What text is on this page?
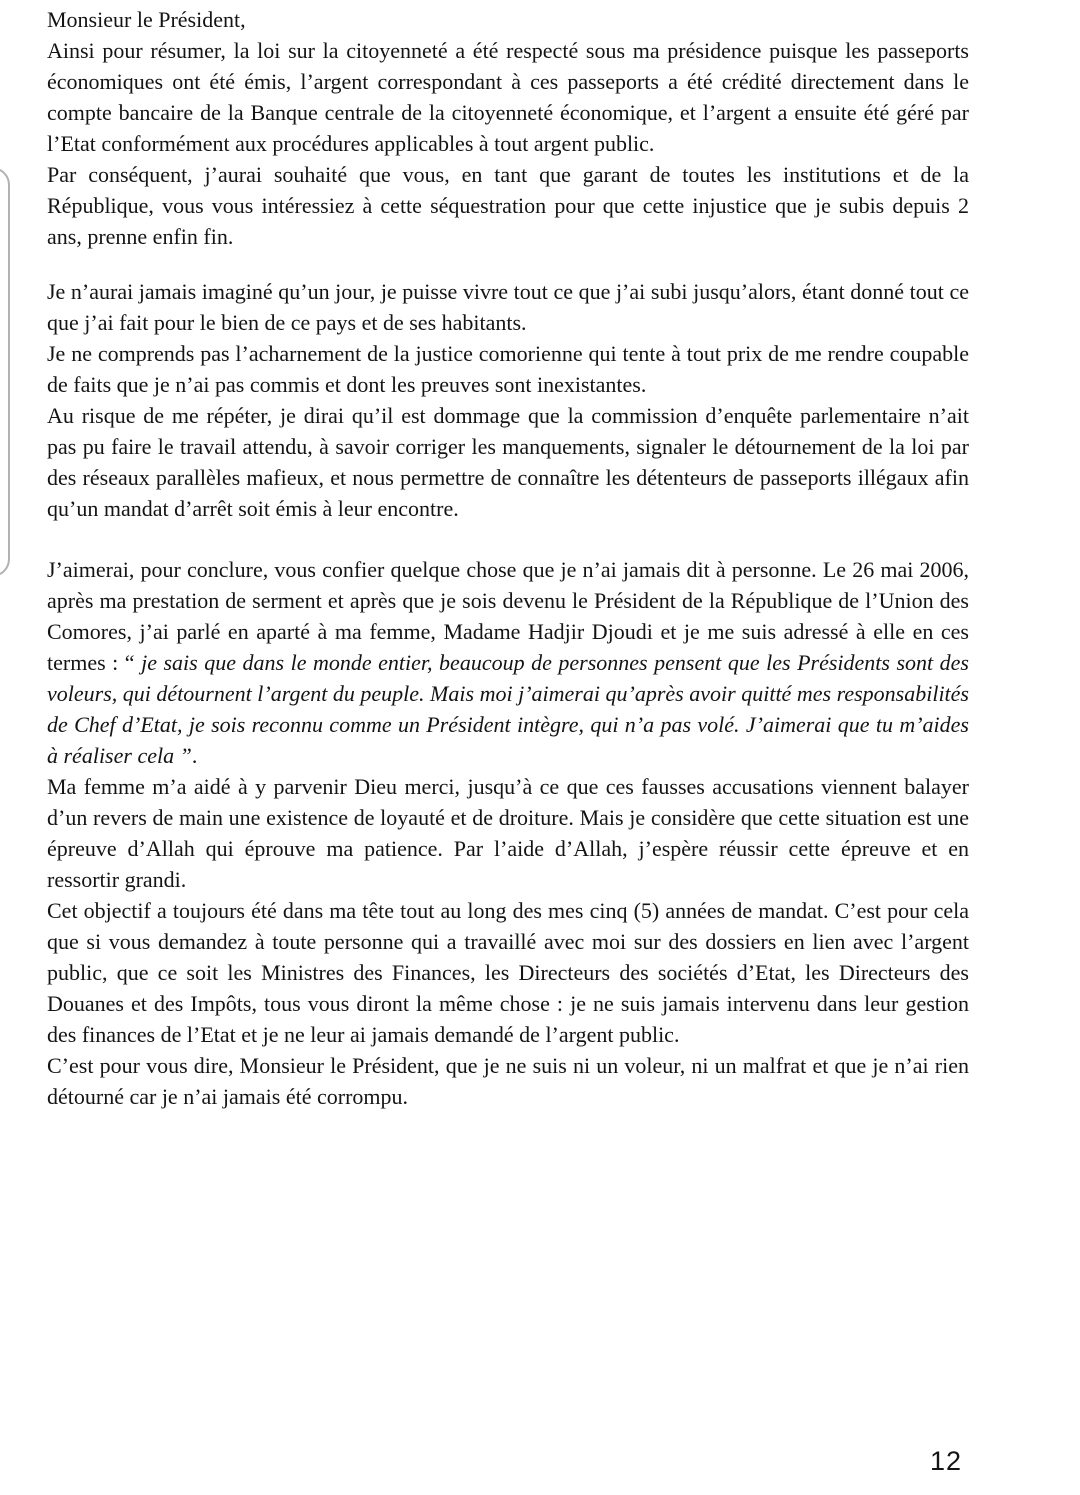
Monsieur le Président,

Ainsi pour résumer, la loi sur la citoyenneté a été respecté sous ma présidence puisque les passeports économiques ont été émis, l’argent correspondant à ces passeports a été crédité directement dans le compte bancaire de la Banque centrale de la citoyenneté économique, et l’argent a ensuite été géré par l’Etat conformément aux procédures applicables à tout argent public.

Par conséquent, j’aurai souhaité que vous, en tant que garant de toutes les institutions et de la République, vous vous intéressiez à cette séquestration pour que cette injustice que je subis depuis 2 ans, prenne enfin fin.

Je n’aurai jamais imaginé qu’un jour, je puisse vivre tout ce que j’ai subi jusqu’alors, étant donné tout ce que j’ai fait pour le bien de ce pays et de ses habitants.

Je ne comprends pas l’acharnement de la justice comorienne qui tente à tout prix de me rendre coupable de faits que je n’ai pas commis et dont les preuves sont inexistantes.

Au risque de me répéter, je dirai qu’il est dommage que la commission d’enquête parlementaire n’ait pas pu faire le travail attendu, à savoir corriger les manquements, signaler le détournement de la loi par des réseaux parallèles mafieux, et nous permettre de connaître les détenteurs de passeports illégaux afin qu’un mandat d’arrêt soit émis à leur encontre.

J’aimerai, pour conclure, vous confier quelque chose que je n’ai jamais dit à personne. Le 26 mai 2006, après ma prestation de serment et après que je sois devenu le Président de la République de l’Union des Comores, j’ai parlé en aparté à ma femme, Madame Hadjir Djoudi et je me suis adressé à elle en ces termes : “ je sais que dans le monde entier, beaucoup de personnes pensent que les Présidents sont des voleurs, qui détournent l’argent du peuple. Mais moi j’aimerai qu’après avoir quitté mes responsabilités de Chef d’Etat, je sois reconnu comme un Président intègre, qui n’a pas volé. J’aimerai que tu m’aides à réaliser cela ”.

Ma femme m’a aidé à y parvenir Dieu merci, jusqu’à ce que ces fausses accusations viennent balayer d’un revers de main une existence de loyauté et de droiture. Mais je considère que cette situation est une épreuve d’Allah qui éprouve ma patience. Par l’aide d’Allah, j’espère réussir cette épreuve et en ressortir grandi.

Cet objectif a toujours été dans ma tête tout au long des mes cinq (5) années de mandat. C’est pour cela que si vous demandez à toute personne qui a travaillé avec moi sur des dossiers en lien avec l’argent public, que ce soit les Ministres des Finances, les Directeurs des sociétés d’Etat, les Directeurs des Douanes et des Impôts, tous vous diront la même chose : je ne suis jamais intervenu dans leur gestion des finances de l’Etat et je ne leur ai jamais demandé de l’argent public.

C’est pour vous dire, Monsieur le Président, que je ne suis ni un voleur, ni un malfrat et que je n’ai rien détourné car je n’ai jamais été corrompu.

12
